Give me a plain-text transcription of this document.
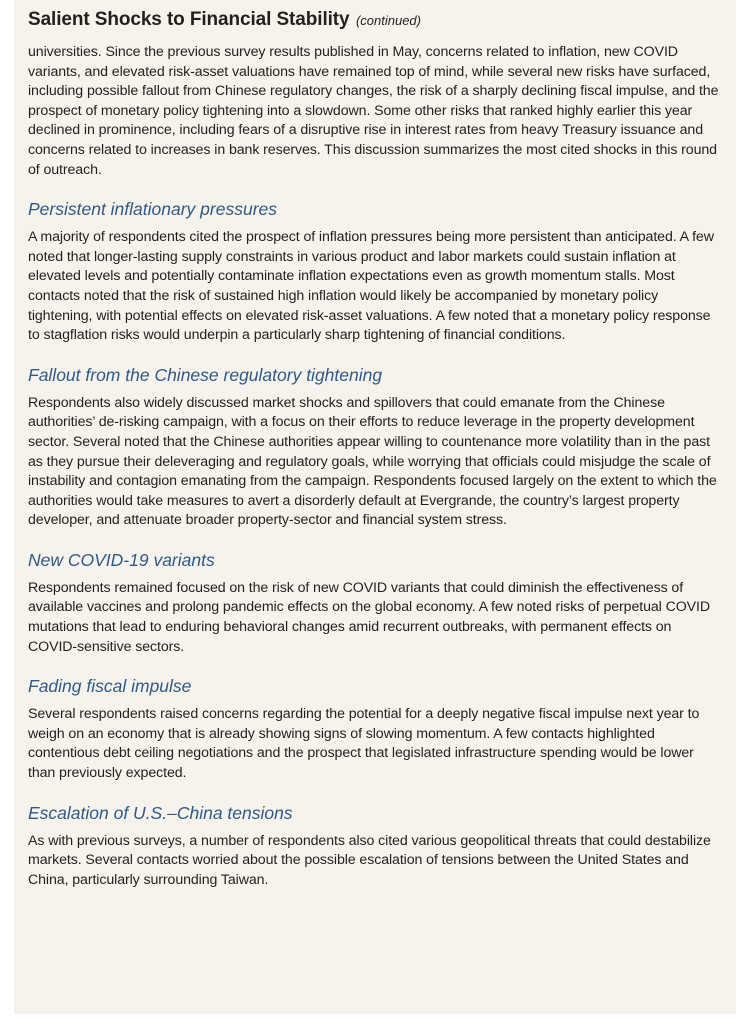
Salient Shocks to Financial Stability (continued)

universities. Since the previous survey results published in May, concerns related to inflation, new COVID variants, and elevated risk-asset valuations have remained top of mind, while several new risks have surfaced, including possible fallout from Chinese regulatory changes, the risk of a sharply declining fiscal impulse, and the prospect of monetary policy tightening into a slowdown. Some other risks that ranked highly earlier this year declined in prominence, including fears of a disruptive rise in interest rates from heavy Treasury issuance and concerns related to increases in bank reserves. This discussion summarizes the most cited shocks in this round of outreach.

Persistent inflationary pressures

A majority of respondents cited the prospect of inflation pressures being more persistent than anticipated. A few noted that longer-lasting supply constraints in various product and labor markets could sustain inflation at elevated levels and potentially contaminate inflation expectations even as growth momentum stalls. Most contacts noted that the risk of sustained high inflation would likely be accompanied by monetary policy tightening, with potential effects on elevated risk-asset valuations. A few noted that a monetary policy response to stagflation risks would underpin a particularly sharp tightening of financial conditions.

Fallout from the Chinese regulatory tightening

Respondents also widely discussed market shocks and spillovers that could emanate from the Chinese authorities’ de-risking campaign, with a focus on their efforts to reduce leverage in the property development sector. Several noted that the Chinese authorities appear willing to countenance more volatility than in the past as they pursue their deleveraging and regulatory goals, while worrying that officials could misjudge the scale of instability and contagion emanating from the campaign. Respondents focused largely on the extent to which the authorities would take measures to avert a disorderly default at Evergrande, the country’s largest property developer, and attenuate broader property-sector and financial system stress.

New COVID-19 variants

Respondents remained focused on the risk of new COVID variants that could diminish the effectiveness of available vaccines and prolong pandemic effects on the global economy. A few noted risks of perpetual COVID mutations that lead to enduring behavioral changes amid recurrent outbreaks, with permanent effects on COVID-sensitive sectors.

Fading fiscal impulse

Several respondents raised concerns regarding the potential for a deeply negative fiscal impulse next year to weigh on an economy that is already showing signs of slowing momentum. A few contacts highlighted contentious debt ceiling negotiations and the prospect that legislated infrastructure spending would be lower than previously expected.

Escalation of U.S.–China tensions

As with previous surveys, a number of respondents also cited various geopolitical threats that could destabilize markets. Several contacts worried about the possible escalation of tensions between the United States and China, particularly surrounding Taiwan.
